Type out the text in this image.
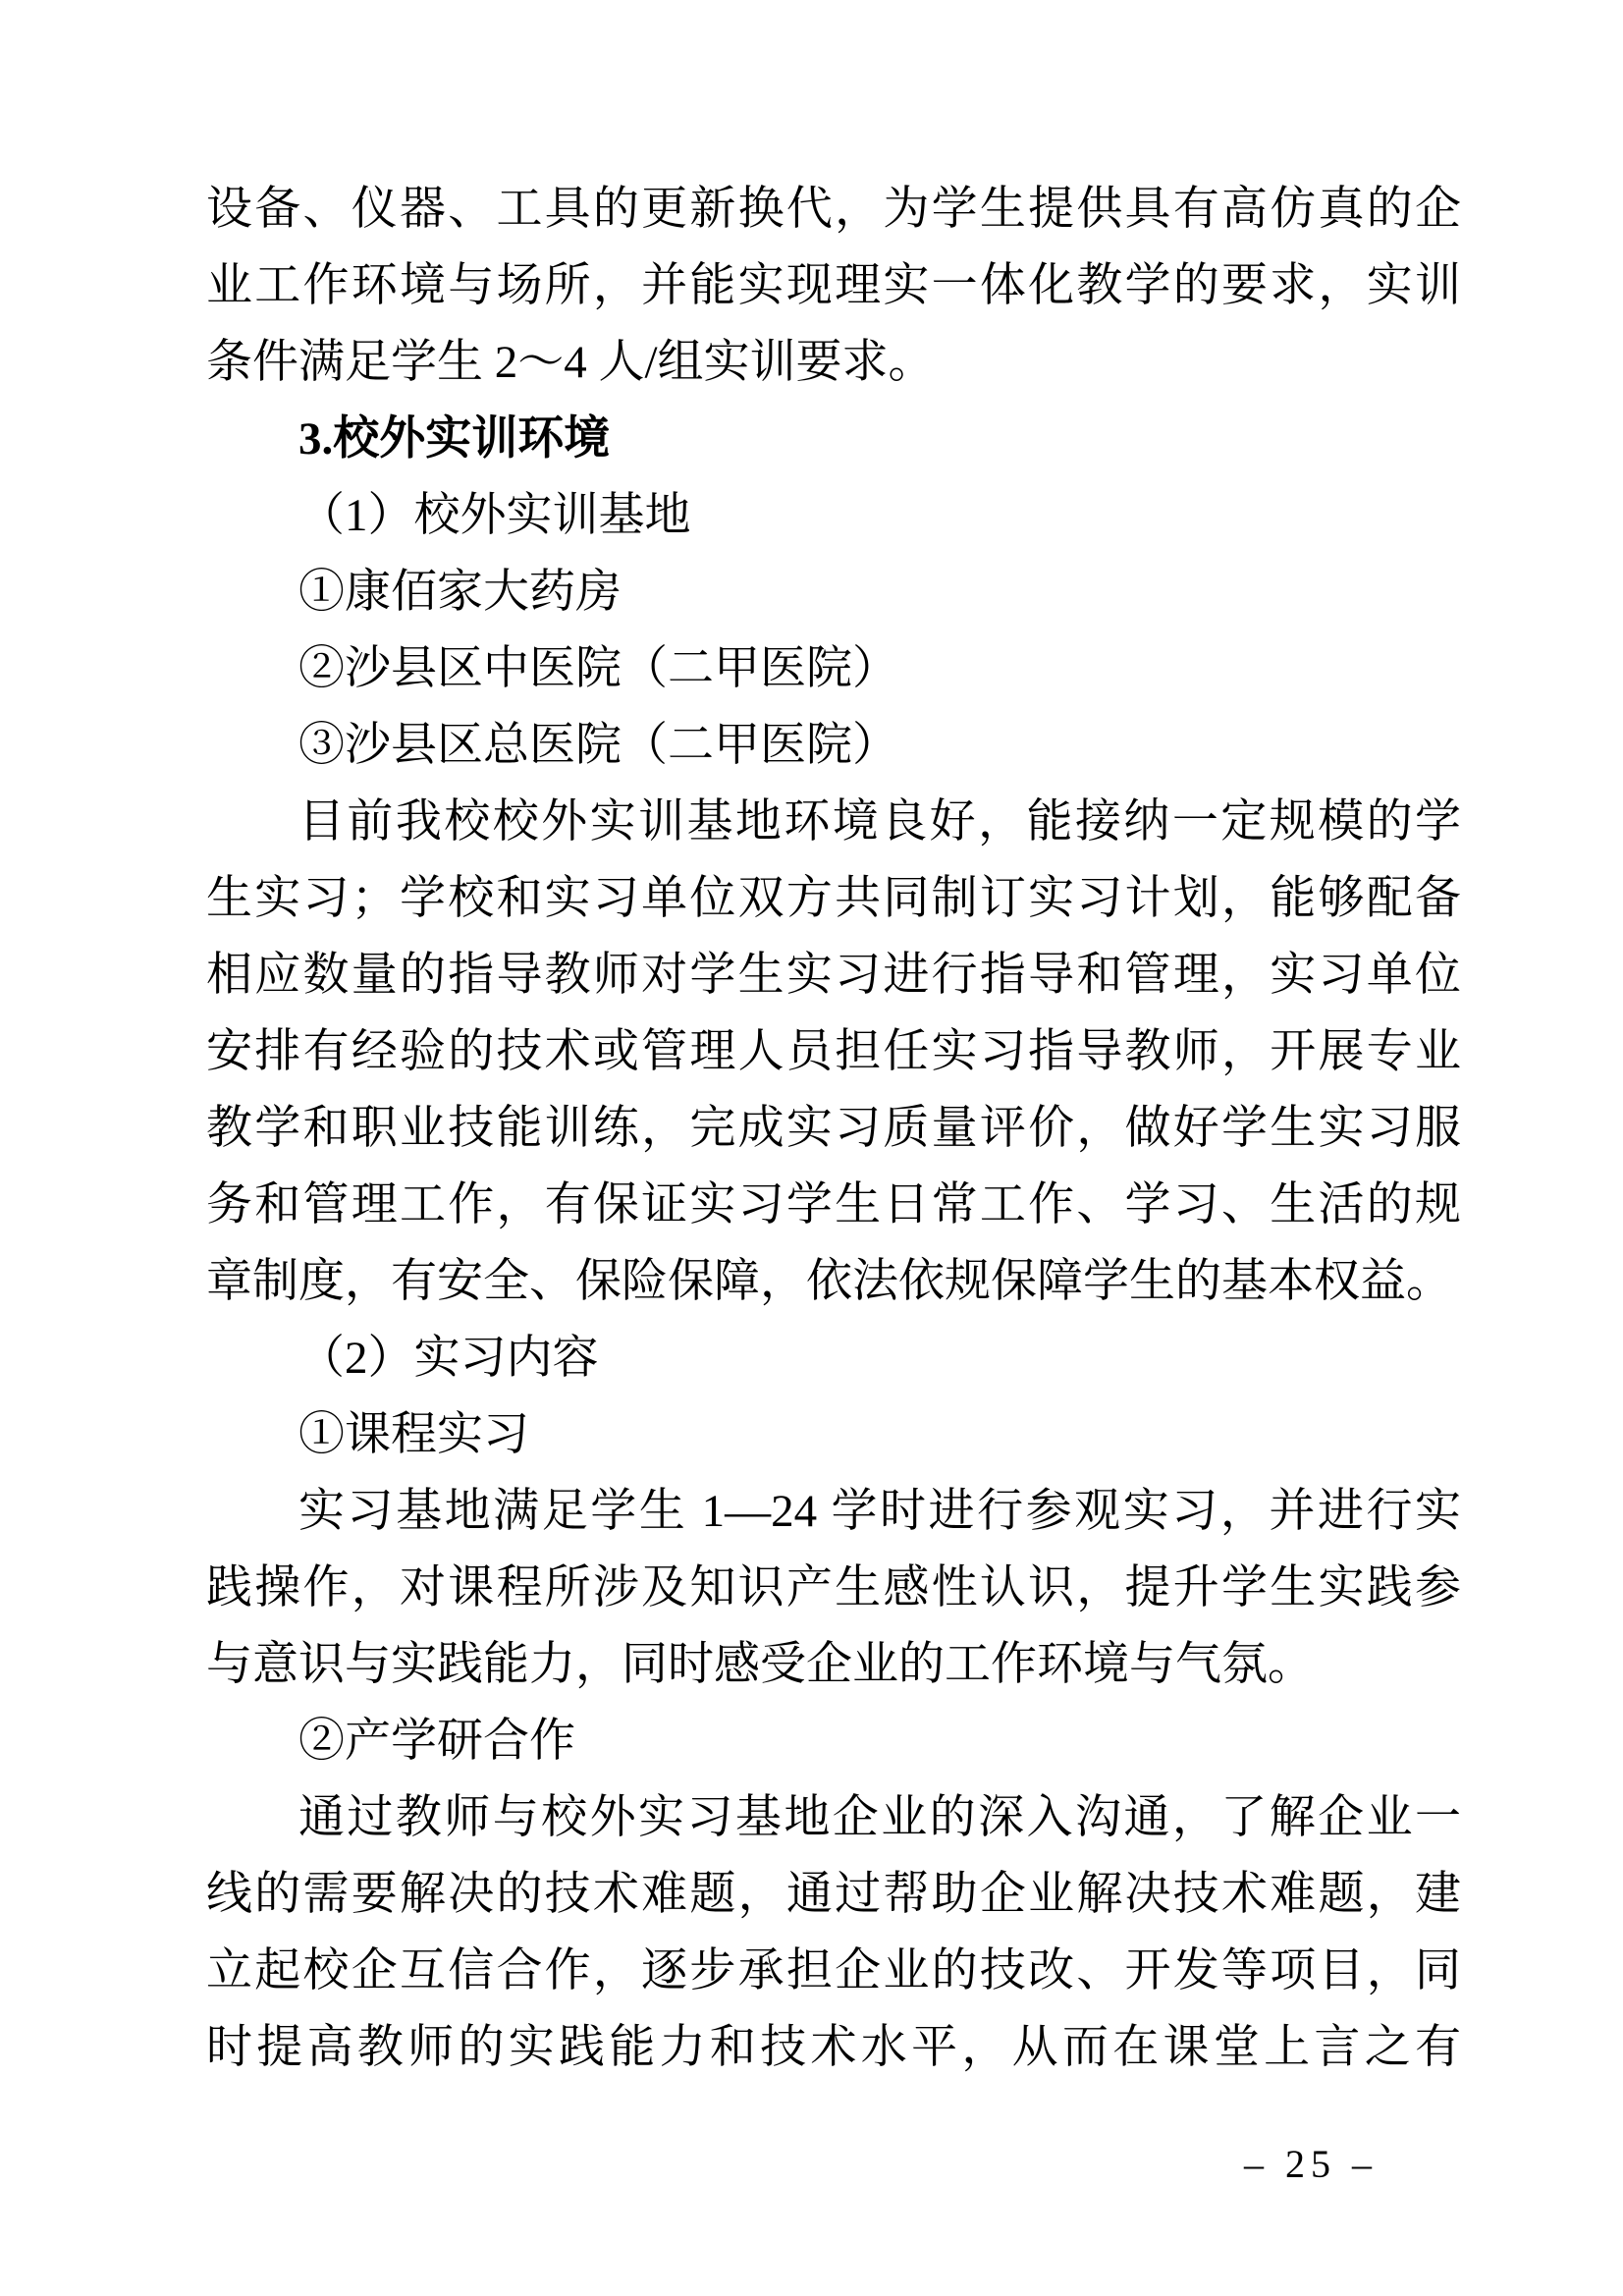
设备、仪器、工具的更新换代，为学生提供具有高仿真的企
业工作环境与场所，并能实现理实一体化教学的要求，实训
条件满足学生 2～4 人/组实训要求。
3.校外实训环境
（1）校外实训基地
①康佰家大药房
②沙县区中医院（二甲医院）
③沙县区总医院（二甲医院）
目前我校校外实训基地环境良好，能接纳一定规模的学
生实习；学校和实习单位双方共同制订实习计划，能够配备
相应数量的指导教师对学生实习进行指导和管理，实习单位
安排有经验的技术或管理人员担任实习指导教师，开展专业
教学和职业技能训练，完成实习质量评价，做好学生实习服
务和管理工作，有保证实习学生日常工作、学习、生活的规
章制度，有安全、保险保障，依法依规保障学生的基本权益。
（2）实习内容
①课程实习
实习基地满足学生 1—24 学时进行参观实习，并进行实
践操作，对课程所涉及知识产生感性认识，提升学生实践参
与意识与实践能力，同时感受企业的工作环境与气氛。
②产学研合作
通过教师与校外实习基地企业的深入沟通，了解企业一
线的需要解决的技术难题，通过帮助企业解决技术难题，建
立起校企互信合作，逐步承担企业的技改、开发等项目，同
时提高教师的实践能力和技术水平，从而在课堂上言之有
– 25 –
